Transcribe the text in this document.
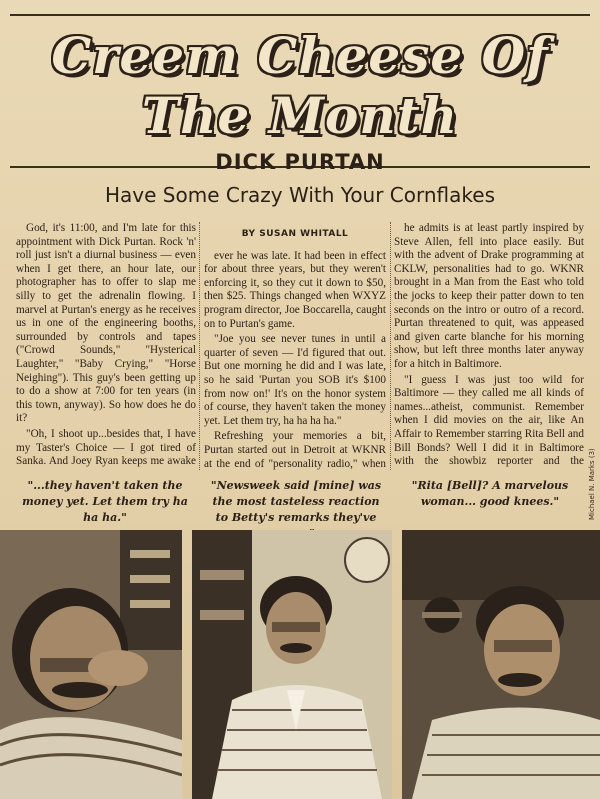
Creem Cheese Of
The Month
DICK PURTAN
Have Some Crazy With Your Cornflakes

God, it's 11:00, and I'm late for this appointment with Dick Purtan. Rock 'n' roll just isn't a diurnal business — even when I get there, an hour late, our photographer has to offer to slap me silly to get the adrenalin flowing. I marvel at Purtan's energy as he receives us in one of the engineering booths, surrounded by controls and tapes ("Crowd Sounds," "Hysterical Laughter," "Baby Crying," "Horse Neighing"). This guy's been getting up to do a show at 7:00 for ten years (in this town, anyway). So how does he do it?

"Oh, I shoot up...besides that, I have my Taster's Choice — I got tired of Sanka. And Joey Ryan keeps me awake

BY SUSAN WHITALL

ever he was late. It had been in effect for about three years, but they weren't enforcing it, so they cut it down to $50, then $25. Things changed when WXYZ program director, Joe Boccarella, caught on to Purtan's game.

"Joe you see never tunes in until a quarter of seven — I'd figured that out. But one morning he did and I was late, so he said 'Purtan you SOB it's $100 from now on!' It's on the honor system of course, they haven't taken the money yet. Let them try, ha ha ha ha."

Refreshing your memories a bit, Purtan started out in Detroit at WKNR at the end of "personality radio," when

he admits is at least partly inspired by Steve Allen, fell into place easily. But with the advent of Drake programming at CKLW, personalities had to go. WKNR brought in a Man from the East who told the jocks to keep their patter down to ten seconds on the intro or outro of a record. Purtan threatened to quit, was appeased and given carte blanche for his morning show, but left three months later anyway for a hitch in Baltimore.

"I guess I was just too wild for Baltimore — they called me all kinds of names...atheist, communist. Remember when I did movies on the air, like An Affair to Remember starring Rita Bell and Bill Bonds? Well I did it in Baltimore with the showbiz reporter and the

"...they haven't taken the money yet. Let them try ha ha ha."
"Newsweek said [mine] was the most tasteless reaction to Betty's remarks they've
"Rita [Bell]? A marvelous woman... good knees."	Michael N. Marks (3)
